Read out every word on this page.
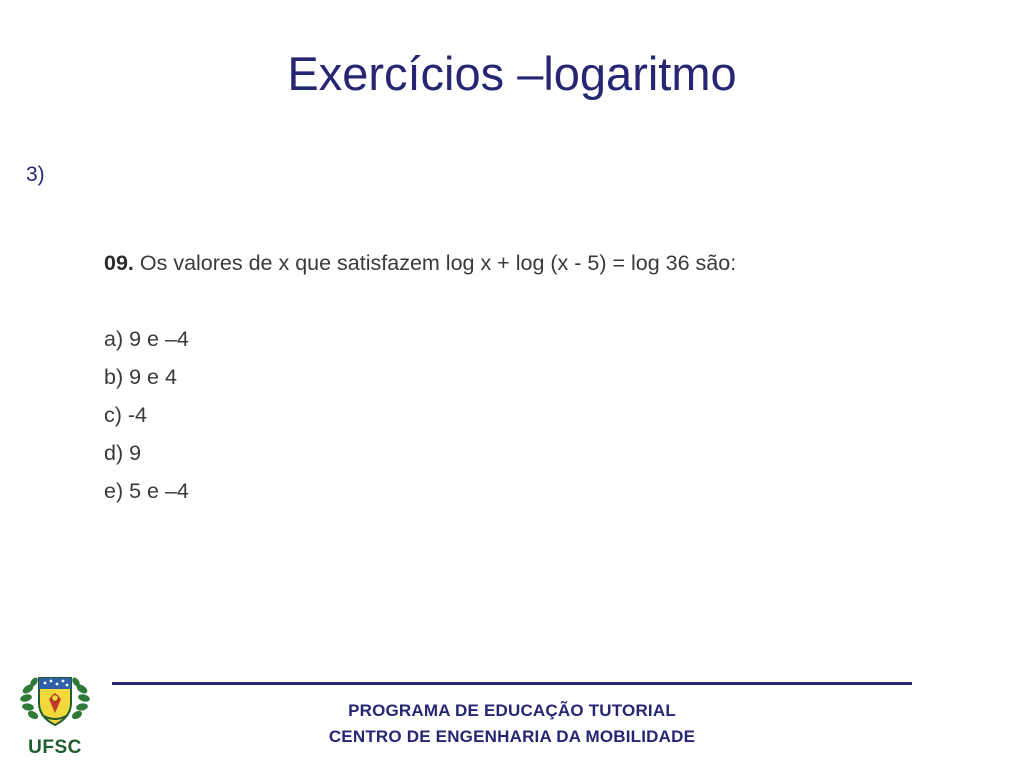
Exercícios –logaritmo
3)
09. Os valores de x que satisfazem log x + log (x - 5) = log 36 são:
a) 9 e –4
b) 9 e 4
c) -4
d) 9
e) 5 e –4
PROGRAMA DE EDUCAÇÃO TUTORIAL
CENTRO DE ENGENHARIA DA MOBILIDADE
UFSC
